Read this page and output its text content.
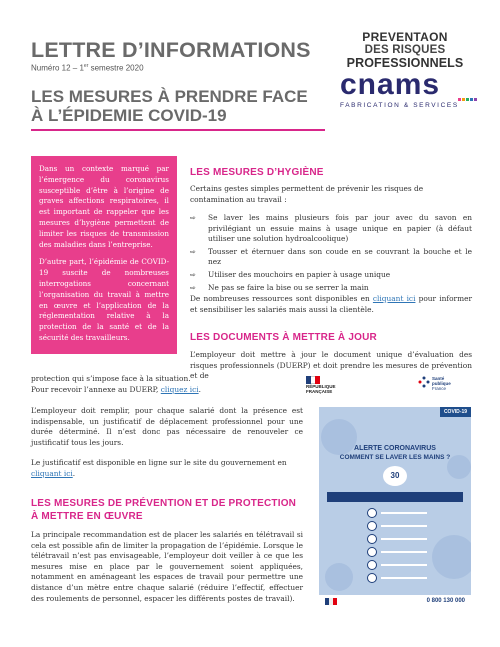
LETTRE D’INFORMATIONS
Numéro 12 – 1er semestre 2020
LES MESURES À PRENDRE FACE
À L’ÉPIDEMIE COVID-19
PREVENTAON
DES RISQUES
PROFESSIONNELS
cnams
FABRICATION & SERVICES

Dans un contexte marqué par l’émergence du coronavirus susceptible d’être à l’origine de graves affections respiratoires, il est important de rappeler que les mesures d’hygiène permettent de limiter les risques de transmission des maladies dans l’entreprise.

D’autre part, l’épidémie de COVID-19 suscite de nombreuses interrogations concernant l’organisation du travail à mettre en œuvre et l’application de la réglementation relative à la protection de la santé et de la sécurité des travailleurs.

LES MESURES D’HYGIÈNE
Certains gestes simples permettent de prévenir les risques de contamination au travail :
⇨ Se laver les mains plusieurs fois par jour avec du savon en privilégiant un essuie mains à usage unique en papier (à défaut utiliser une solution hydroalcoolique)
⇨ Tousser et éternuer dans son coude en se couvrant la bouche et le nez
⇨ Utiliser des mouchoirs en papier à usage unique
⇨ Ne pas se faire la bise ou se serrer la main
De nombreuses ressources sont disponibles en cliquant ici pour informer et sensibiliser les salariés mais aussi la clientèle.
LES DOCUMENTS À METTRE À JOUR
L’employeur doit mettre à jour le document unique d’évaluation des risques professionnels (DUERP) et doit prendre les mesures de prévention et de
protection qui s’impose face à la situation.
Pour recevoir l’annexe au DUERP, cliquez ici.
L’employeur doit remplir, pour chaque salarié dont la présence est indispensable, un justificatif de déplacement professionnel pour une durée déterminé. Il n’est donc pas nécessaire de renouveler ce justificatif tous les jours.
Le justificatif est disponible en ligne sur le site du gouvernement en cliquant ici.
LES MESURES DE PRÉVENTION ET DE PROTECTION À METTRE EN ŒUVRE
La principale recommandation est de placer les salariés en télétravail si cela est possible afin de limiter la propagation de l’épidémie. Lorsque le télétravail n’est pas envisageable, l’employeur doit veiller à ce que les mesures mise en place par le gouvernement soient appliquées, notamment en aménageant les espaces de travail pour permettre une distance d’un mètre entre chaque salarié (réduire l’effectif, effectuer des roulements de personnel, espacer les différents postes de travail).
RÉPUBLIQUE
FRANÇAISE
Santé
publique
France
COVID-19
ALERTE CORONAVIRUS
COMMENT SE LAVER LES MAINS ?
30
0 800 130 000
